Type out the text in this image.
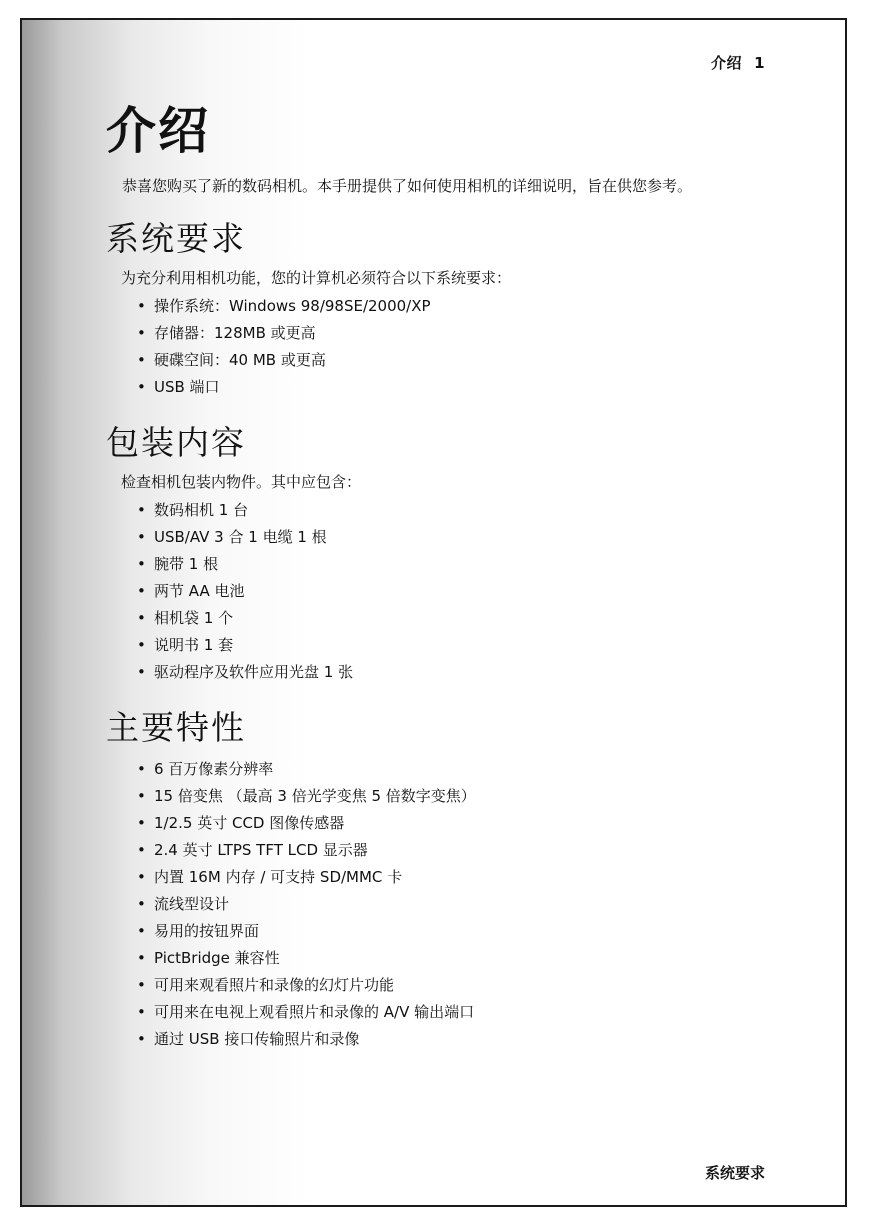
介绍 1
介绍

恭喜您购买了新的数码相机。本手册提供了如何使用相机的详细说明，旨在供您参考。

系统要求

为充分利用相机功能，您的计算机必须符合以下系统要求：

• 操作系统：Windows 98/98SE/2000/XP
• 存储器：128MB 或更高
• 硬碟空间：40 MB 或更高
• USB 端口
包装内容

检查相机包装内物件。其中应包含：

• 数码相机 1 台
• USB/AV 3 合 1 电缆 1 根
• 腕带 1 根
• 两节 AA 电池
• 相机袋 1 个
• 说明书 1 套
• 驱动程序及软件应用光盘 1 张
主要特性
• 6 百万像素分辨率
• 15 倍变焦 （最高 3 倍光学变焦 5 倍数字变焦）
• 1/2.5 英寸 CCD 图像传感器
• 2.4 英寸 LTPS TFT LCD 显示器
• 内置 16M 内存 / 可支持 SD/MMC 卡
• 流线型设计
• 易用的按钮界面
• PictBridge 兼容性
• 可用来观看照片和录像的幻灯片功能
• 可用来在电视上观看照片和录像的 A/V 输出端口
• 通过 USB 接口传输照片和录像
系统要求
